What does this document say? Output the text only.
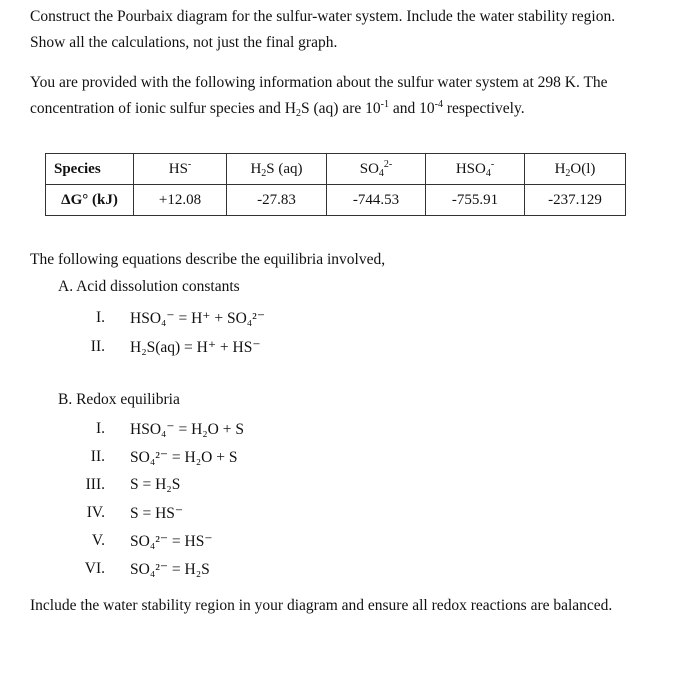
Construct the Pourbaix diagram for the sulfur-water system. Include the water stability region.
Show all the calculations, not just the final graph.
You are provided with the following information about the sulfur water system at 298 K. The
concentration of ionic sulfur species and $H_2S$ (aq) are $10^{-1}$ and $10^{-4}$ respectively.
Species	HS-	$H_2S$ (aq)	$SO_4^{2-}$	$HSO_4^-$	$H_2O(l)$
ΔG° (kJ)	+12.08	-27.83	-744.53	-755.91	-237.129
The following equations describe the equilibria involved,
A. Acid dissolution constants
I. HSO₄⁻ = H⁺ + SO₄²⁻
II. H₂S(aq) = H⁺ + HS⁻
B. Redox equilibria
I. HSO₄⁻ = H₂O + S
II. SO₄²⁻ = H₂O + S
III. S = H₂S
IV. S = HS⁻
V. SO₄²⁻ = HS⁻
VI. SO₄²⁻ = H₂S
Include the water stability region in your diagram and ensure all redox reactions are balanced.
